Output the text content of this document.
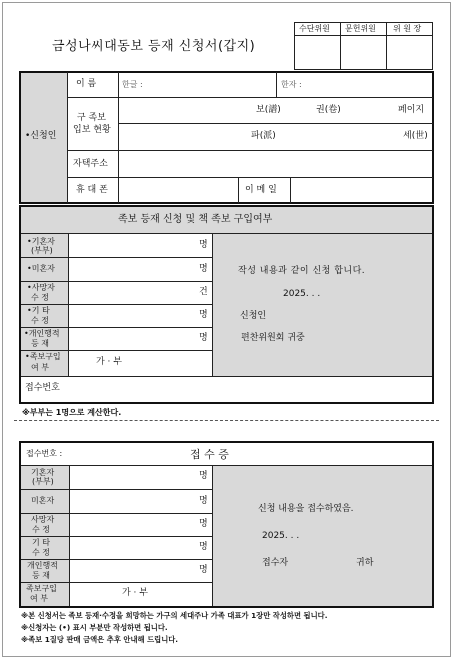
금성나씨대동보 등재 신청서(갑지)
수단위원 문헌위원 위 원 장
•신청인
이 름	한글 :	한자 :
구 족보
입보 현황
보(譜)	권(卷)	페이지
파(派)	세(世)
자택주소
휴 대 폰	이 메 일
족보 등재 신청 및 책 족보 구입여부
•기혼자
(부부)
명
•미혼자	명
•사망자
수 정
건
•기 타
수 정
명
•개인행적
등 재
명
•족보구입
여 부
가 · 부
작성 내용과 같이 신청 합니다.
2025. . .
신청인
편찬위원회 귀중
접수번호
※부부는 1명으로 계산한다.
접수번호 :	접 수 증
기혼자
(부부)
명
미혼자	명
사망자
수 정
명
기 타
수 정
명
개인행적
등 재
명
족보구입
여 부
가 · 부
신청 내용을 접수하였음.
2025. . .
접수자	귀하
※본 신청서는 족보 등재·수정을 희망하는 가구의 세대주나 가족 대표가 1장만 작성하면 됩니다.
※신청자는 (•) 표시 부분만 작성하면 됩니다.
※족보 1질당 판매 금액은 추후 안내해 드립니다.
